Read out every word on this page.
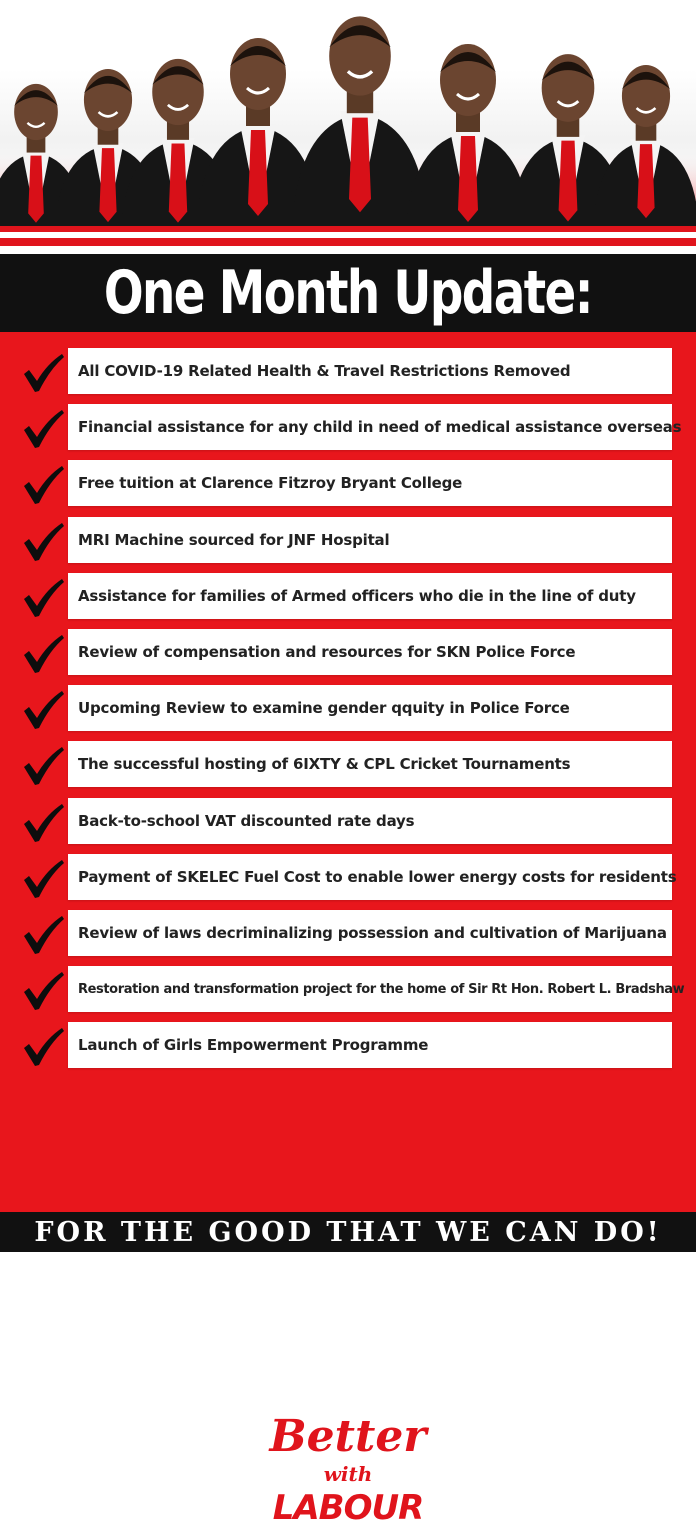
One Month Update:
All COVID-19 Related Health & Travel Restrictions Removed
Financial assistance for any child in need of medical assistance overseas
Free tuition at Clarence Fitzroy Bryant College
MRI Machine sourced for JNF Hospital
Assistance for families of Armed officers who die in the line of duty
Review of compensation and resources for SKN Police Force
Upcoming Review to examine gender qquity in Police Force
The successful hosting of 6IXTY & CPL Cricket Tournaments
Back-to-school VAT discounted rate days
Payment of SKELEC Fuel Cost to enable lower energy costs for residents
Review of laws decriminalizing possession and cultivation of Marijuana
Restoration and transformation project for the home of Sir Rt Hon. Robert L. Bradshaw
Launch of Girls Empowerment Programme
Better
with
LABOUR
FOR THE GOOD THAT WE CAN DO!
